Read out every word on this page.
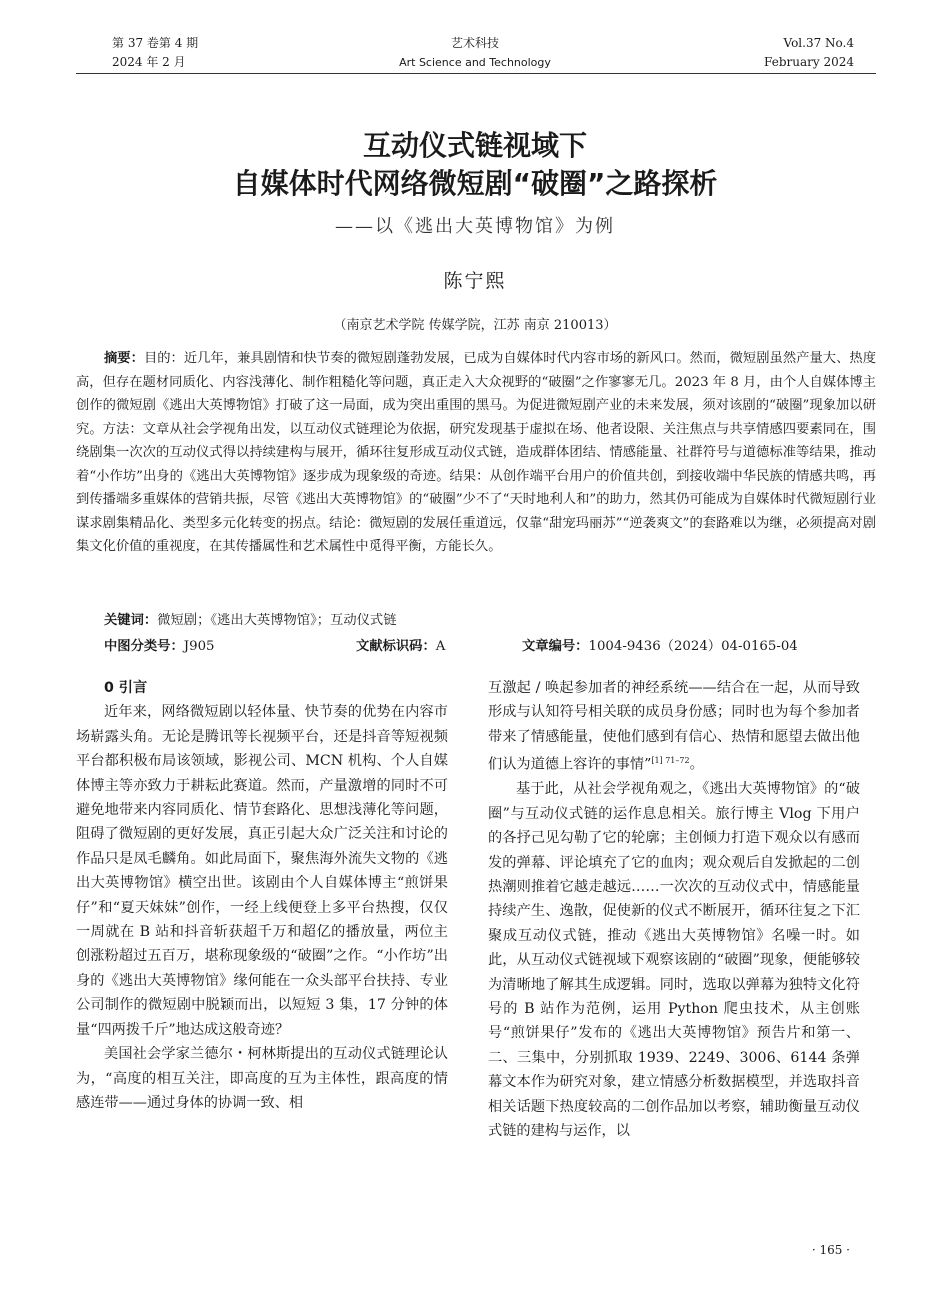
第 37 卷第 4 期
2024 年 2 月
艺术科技
Art Science and Technology
Vol.37 No.4
February 2024
互动仪式链视域下
自媒体时代网络微短剧“破圈”之路探析
——以《逃出大英博物馆》为例
陈宁熙
（南京艺术学院 传媒学院，江苏 南京 210013）
摘要：目的：近几年，兼具剧情和快节奏的微短剧蓬勃发展，已成为自媒体时代内容市场的新风口。然而，微短剧虽然产量大、热度高，但存在题材同质化、内容浅薄化、制作粗糙化等问题，真正走入大众视野的“破圈”之作寥寥无几。2023 年 8 月，由个人自媒体博主创作的微短剧《逃出大英博物馆》打破了这一局面，成为突出重围的黑马。为促进微短剧产业的未来发展，须对该剧的“破圈”现象加以研究。方法：文章从社会学视角出发，以互动仪式链理论为依据，研究发现基于虚拟在场、他者设限、关注焦点与共享情感四要素同在，围绕剧集一次次的互动仪式得以持续建构与展开，循环往复形成互动仪式链，造成群体团结、情感能量、社群符号与道德标准等结果，推动着“小作坊”出身的《逃出大英博物馆》逐步成为现象级的奇迹。结果：从创作端平台用户的价值共创，到接收端中华民族的情感共鸣，再到传播端多重媒体的营销共振，尽管《逃出大英博物馆》的“破圈”少不了“天时地利人和”的助力，然其仍可能成为自媒体时代微短剧行业谋求剧集精品化、类型多元化转变的拐点。结论：微短剧的发展任重道远，仅靠“甜宠玛丽苏”“逆袭爽文”的套路难以为继，必须提高对剧集文化价值的重视度，在其传播属性和艺术属性中觅得平衡，方能长久。
关键词：微短剧；《逃出大英博物馆》；互动仪式链
中图分类号：J905	文献标识码：A	文章编号：1004-9436（2024）04-0165-04

0 引言

近年来，网络微短剧以轻体量、快节奏的优势在内容市场崭露头角。无论是腾讯等长视频平台，还是抖音等短视频平台都积极布局该领域，影视公司、MCN 机构、个人自媒体博主等亦致力于耕耘此赛道。然而，产量激增的同时不可避免地带来内容同质化、情节套路化、思想浅薄化等问题，阻碍了微短剧的更好发展，真正引起大众广泛关注和讨论的作品只是凤毛麟角。如此局面下，聚焦海外流失文物的《逃出大英博物馆》横空出世。该剧由个人自媒体博主“煎饼果仔”和“夏天妹妹”创作，一经上线便登上多平台热搜，仅仅一周就在 B 站和抖音斩获超千万和超亿的播放量，两位主创涨粉超过五百万，堪称现象级的“破圈”之作。“小作坊”出身的《逃出大英博物馆》缘何能在一众头部平台扶持、专业公司制作的微短剧中脱颖而出，以短短 3 集，17 分钟的体量“四两拨千斤”地达成这般奇迹？

美国社会学家兰德尔・柯林斯提出的互动仪式链理论认为，“高度的相互关注，即高度的互为主体性，跟高度的情感连带——通过身体的协调一致、相

互激起 / 唤起参加者的神经系统——结合在一起，从而导致形成与认知符号相关联的成员身份感；同时也为每个参加者带来了情感能量，使他们感到有信心、热情和愿望去做出他们认为道德上容许的事情”$^{[1] 71-72}$。

基于此，从社会学视角观之，《逃出大英博物馆》的“破圈”与互动仪式链的运作息息相关。旅行博主 Vlog 下用户的各抒己见勾勒了它的轮廓；主创倾力打造下观众以有感而发的弹幕、评论填充了它的血肉；观众观后自发掀起的二创热潮则推着它越走越远……一次次的互动仪式中，情感能量持续产生、逸散，促使新的仪式不断展开，循环往复之下汇聚成互动仪式链，推动《逃出大英博物馆》名噪一时。如此，从互动仪式链视域下观察该剧的“破圈”现象，便能够较为清晰地了解其生成逻辑。同时，选取以弹幕为独特文化符号的 B 站作为范例，运用 Python 爬虫技术，从主创账号“煎饼果仔”发布的《逃出大英博物馆》预告片和第一、二、三集中，分别抓取 1939、2249、3006、6144 条弹幕文本作为研究对象，建立情感分析数据模型，并选取抖音相关话题下热度较高的二创作品加以考察，辅助衡量互动仪式链的建构与运作，以

· 165 ·
